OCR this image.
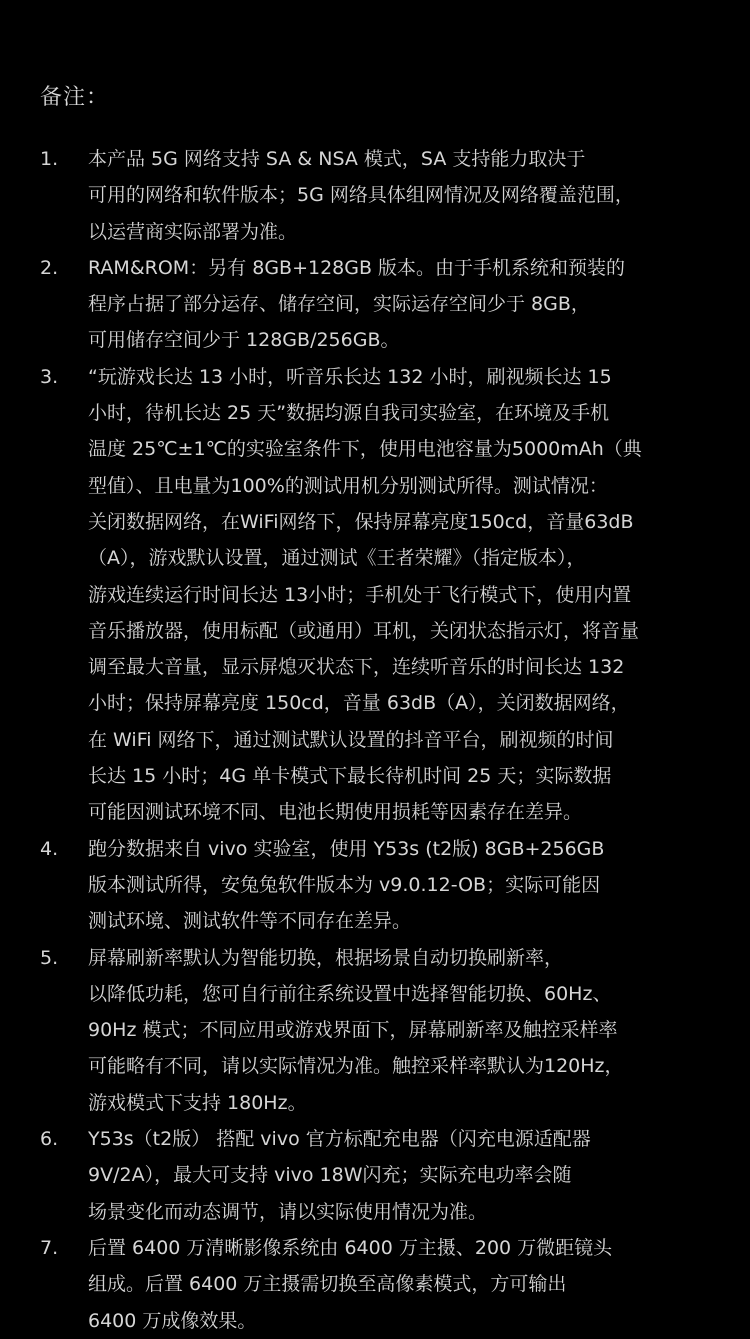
备注：
1.	本产品 5G 网络支持 SA & NSA 模式，SA 支持能力取决于
可用的网络和软件版本；5G 网络具体组网情况及网络覆盖范围，
以运营商实际部署为准。
2.	RAM&ROM：另有 8GB+128GB 版本。由于手机系统和预装的
程序占据了部分运存、储存空间，实际运存空间少于 8GB，
可用储存空间少于 128GB/256GB。
3.	“玩游戏长达 13 小时，听音乐长达 132 小时，刷视频长达 15
小时，待机长达 25 天”数据均源自我司实验室，在环境及手机
温度 25℃±1℃的实验室条件下，使用电池容量为5000mAh（典
型值）、且电量为100%的测试用机分别测试所得。测试情况：
关闭数据网络，在WiFi网络下，保持屏幕亮度150cd，音量63dB
（A），游戏默认设置，通过测试《王者荣耀》（指定版本），
游戏连续运行时间长达 13小时；手机处于飞行模式下，使用内置
音乐播放器，使用标配（或通用）耳机，关闭状态指示灯，将音量
调至最大音量，显示屏熄灭状态下，连续听音乐的时间长达 132
小时；保持屏幕亮度 150cd，音量 63dB（A），关闭数据网络，
在 WiFi 网络下，通过测试默认设置的抖音平台，刷视频的时间
长达 15 小时；4G 单卡模式下最长待机时间 25 天；实际数据
可能因测试环境不同、电池长期使用损耗等因素存在差异。
4.	跑分数据来自 vivo 实验室，使用 Y53s (t2版) 8GB+256GB
版本测试所得，安兔兔软件版本为 v9.0.12-OB；实际可能因
测试环境、测试软件等不同存在差异。
5.	屏幕刷新率默认为智能切换，根据场景自动切换刷新率，
以降低功耗，您可自行前往系统设置中选择智能切换、60Hz、
90Hz 模式；不同应用或游戏界面下，屏幕刷新率及触控采样率
可能略有不同，请以实际情况为准。触控采样率默认为120Hz，
游戏模式下支持 180Hz。
6.	Y53s（t2版） 搭配 vivo 官方标配充电器（闪充电源适配器
9V/2A），最大可支持 vivo 18W闪充；实际充电功率会随
场景变化而动态调节，请以实际使用情况为准。
7.	后置 6400 万清晰影像系统由 6400 万主摄、200 万微距镜头
组成。后置 6400 万主摄需切换至高像素模式，方可输出
6400 万成像效果。
